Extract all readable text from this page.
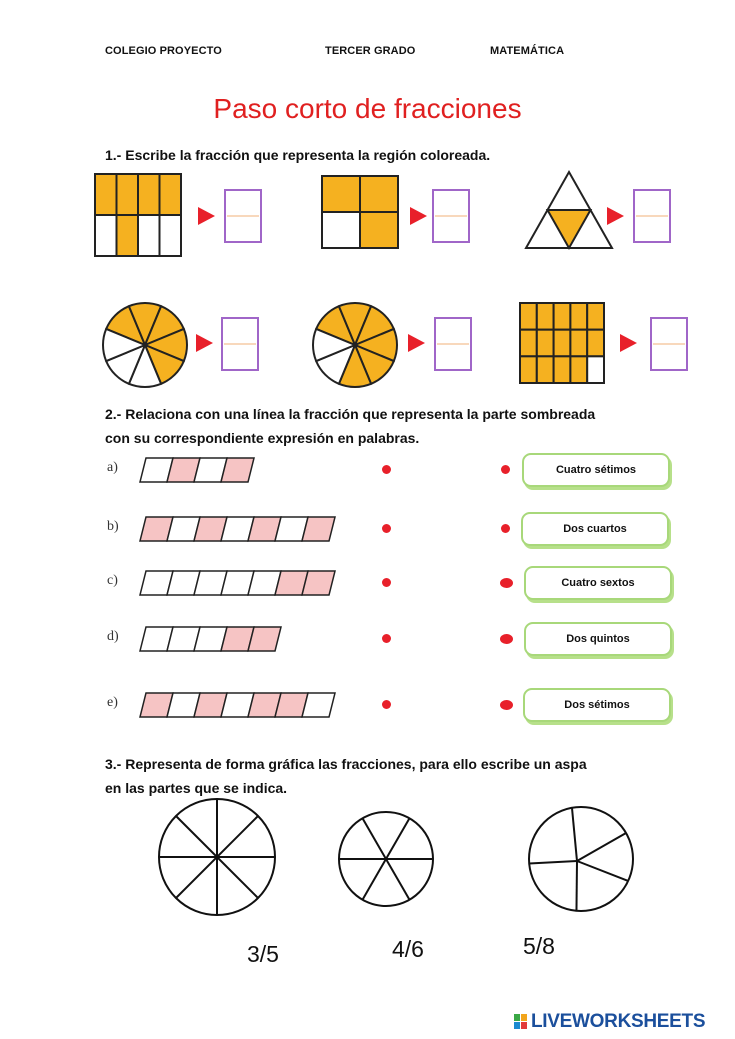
COLEGIO PROYECTO	TERCER GRADO	MATEMÁTICA
Paso corto de fracciones
1.- Escribe la fracción que representa la región coloreada.
2.- Relaciona con una línea la fracción que representa la parte sombreada
con su correspondiente expresión en palabras.
a)	Cuatro sétimos
b)	Dos cuartos
c)	Cuatro sextos
d)	Dos quintos
e)	Dos sétimos
3.- Representa de forma gráfica las fracciones, para ello escribe un aspa
en las partes que se indica.
3/5	4/6	5/8
LIVEWORKSHEETS
